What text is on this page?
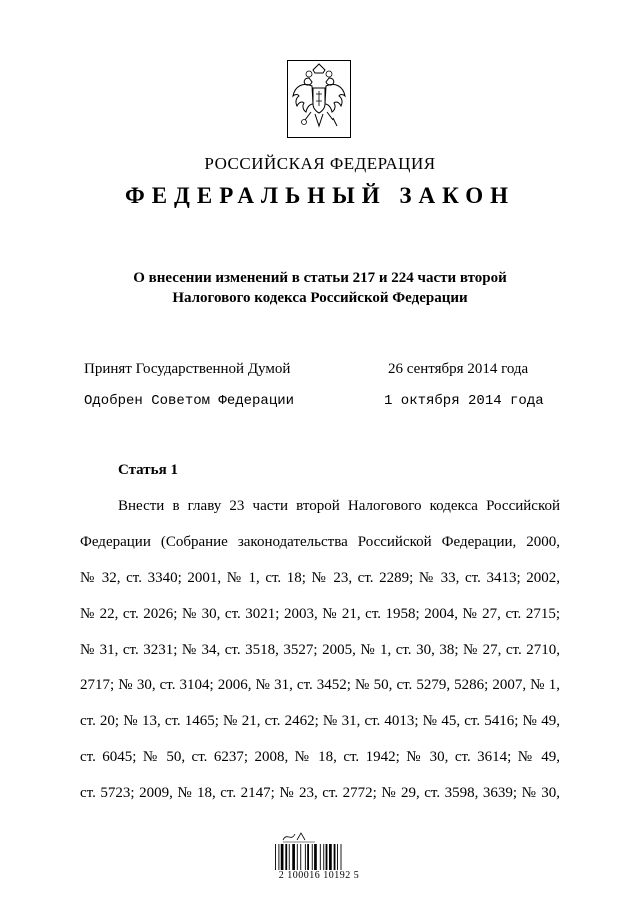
РОССИЙСКАЯ ФЕДЕРАЦИЯ
ФЕДЕРАЛЬНЫЙ ЗАКОН
О внесении изменений в статьи 217 и 224 части второй
Налогового кодекса Российской Федерации
Принят Государственной Думой	26 сентября 2014 года
Одобрен Советом Федерации	1 октября 2014 года
Статья 1
Внести в главу 23 части второй Налогового кодекса Российской
Федерации (Собрание законодательства Российской Федерации, 2000,
№ 32, ст. 3340; 2001, № 1, ст. 18; № 23, ст. 2289; № 33, ст. 3413; 2002,
№ 22, ст. 2026; № 30, ст. 3021; 2003, № 21, ст. 1958; 2004, № 27, ст. 2715;
№ 31, ст. 3231; № 34, ст. 3518, 3527; 2005, № 1, ст. 30, 38; № 27, ст. 2710,
2717; № 30, ст. 3104; 2006, № 31, ст. 3452; № 50, ст. 5279, 5286; 2007, № 1,
ст. 20; № 13, ст. 1465; № 21, ст. 2462; № 31, ст. 4013; № 45, ст. 5416; № 49,
ст. 6045; № 50, ст. 6237; 2008, № 18, ст. 1942; № 30, ст. 3614; № 49,
ст. 5723; 2009, № 18, ст. 2147; № 23, ст. 2772; № 29, ст. 3598, 3639; № 30,
2 100016 10192 5
